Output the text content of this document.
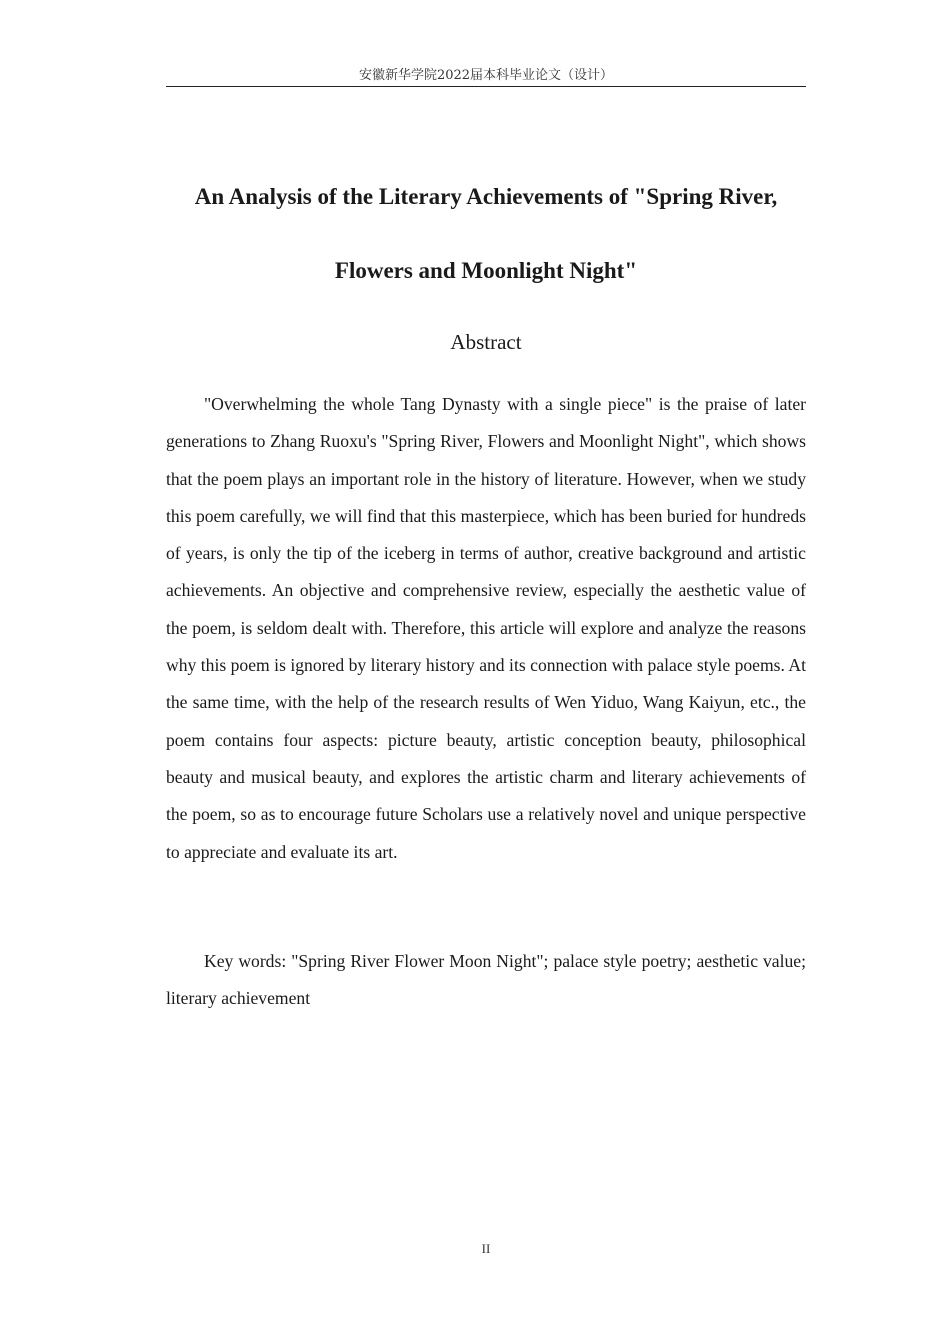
安徽新华学院2022届本科毕业论文（设计）
An Analysis of the Literary Achievements of "Spring River,
Flowers and Moonlight Night"
Abstract

"Overwhelming the whole Tang Dynasty with a single piece" is the praise of later generations to Zhang Ruoxu's "Spring River, Flowers and Moonlight Night", which shows that the poem plays an important role in the history of literature. However, when we study this poem carefully, we will find that this masterpiece, which has been buried for hundreds of years, is only the tip of the iceberg in terms of author, creative background and artistic achievements. An objective and comprehensive review, especially the aesthetic value of the poem, is seldom dealt with. Therefore, this article will explore and analyze the reasons why this poem is ignored by literary history and its connection with palace style poems. At the same time, with the help of the research results of Wen Yiduo, Wang Kaiyun, etc., the poem contains four aspects: picture beauty, artistic conception beauty, philosophical beauty and musical beauty, and explores the artistic charm and literary achievements of the poem, so as to encourage future Scholars use a relatively novel and unique perspective to appreciate and evaluate its art.

Key words: "Spring River Flower Moon Night"; palace style poetry; aesthetic value; literary achievement

II
